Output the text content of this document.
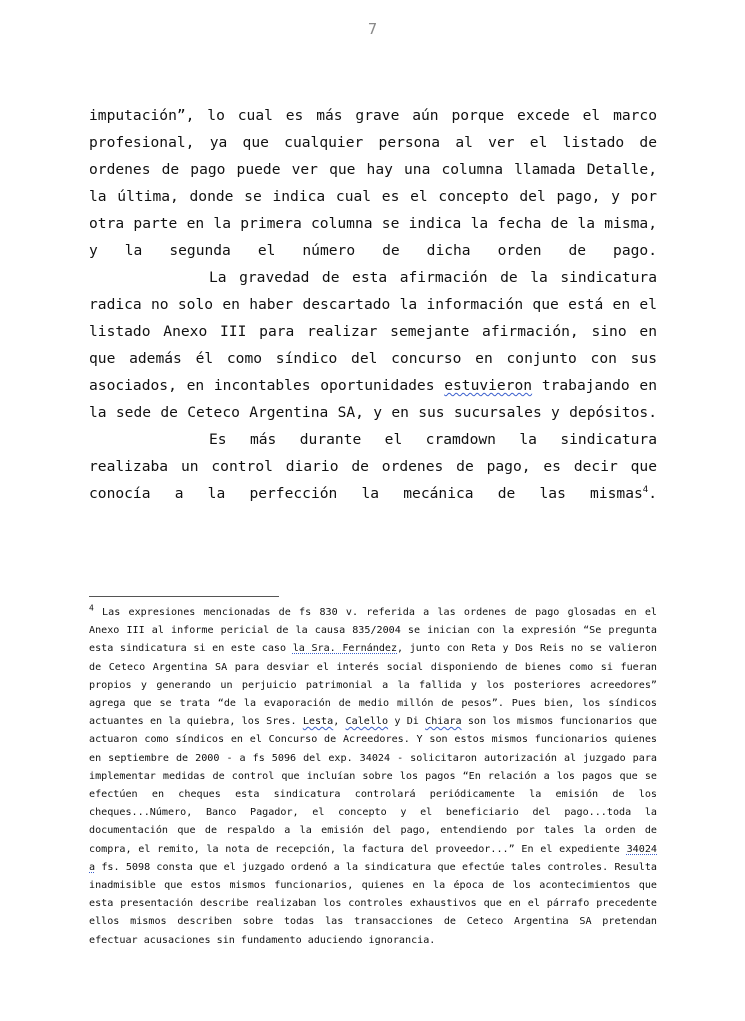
7

imputación”, lo cual es más grave aún porque excede el marco profesional, ya que cualquier persona al ver el listado de ordenes de pago puede ver que hay una columna llamada Detalle, la última, donde se indica cual es el concepto del pago, y por otra parte en la primera columna se indica la fecha de la misma, y la segunda el número de dicha orden de pago.

La gravedad de esta afirmación de la sindicatura radica no solo en haber descartado la información que está en el listado Anexo III para realizar semejante afirmación, sino en que además él como síndico del concurso en conjunto con sus asociados, en incontables oportunidades estuvieron trabajando en la sede de Ceteco Argentina SA, y en sus sucursales y depósitos.

Es más durante el cramdown la sindicatura realizaba un control diario de ordenes de pago, es decir que conocía a la perfección la mecánica de las mismas$^4$.

$^4$ Las expresiones mencionadas de fs 830 v. referida a las ordenes de pago glosadas en el Anexo III al informe pericial de la causa 835/2004 se inician con la expresión “Se pregunta esta sindicatura si en este caso la Sra. Fernández, junto con Reta y Dos Reis no se valieron de Ceteco Argentina SA para desviar el interés social disponiendo de bienes como si fueran propios y generando un perjuicio patrimonial a la fallida y los posteriores acreedores” agrega que se trata “de la evaporación de medio millón de pesos”. Pues bien, los síndicos actuantes en la quiebra, los Sres. Lesta, Calello y Di Chiara son los mismos funcionarios que actuaron como síndicos en el Concurso de Acreedores. Y son estos mismos funcionarios quienes en septiembre de 2000 - a fs 5096 del exp. 34024 - solicitaron autorización al juzgado para implementar medidas de control que incluían sobre los pagos “En relación a los pagos que se efectúen en cheques esta sindicatura controlará periódicamente la emisión de los cheques...Número, Banco Pagador, el concepto y el beneficiario del pago...toda la documentación que de respaldo a la emisión del pago, entendiendo por tales la orden de compra, el remito, la nota de recepción, la factura del proveedor...” En el expediente 34024 a fs. 5098 consta que el juzgado ordenó a la sindicatura que efectúe tales controles. Resulta inadmisible que estos mismos funcionarios, quienes en la época de los acontecimientos que esta presentación describe realizaban los controles exhaustivos que en el párrafo precedente ellos mismos describen sobre todas las transacciones de Ceteco Argentina SA pretendan efectuar acusaciones sin fundamento aduciendo ignorancia.
